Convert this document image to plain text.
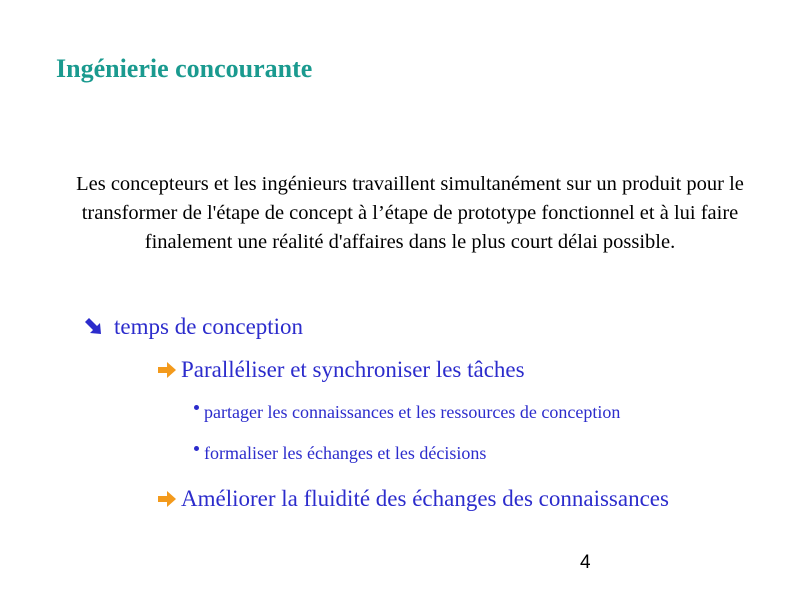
Ingénierie concourante

Les concepteurs et les ingénieurs travaillent simultanément sur un produit pour le transformer de l'étape de concept à l’étape de prototype fonctionnel et à lui faire finalement une réalité d'affaires dans le plus court délai possible.

temps de conception
Paralléliser et synchroniser les tâches
partager les connaissances et les ressources de conception
formaliser les échanges et les décisions
Améliorer la fluidité des échanges des connaissances
4
